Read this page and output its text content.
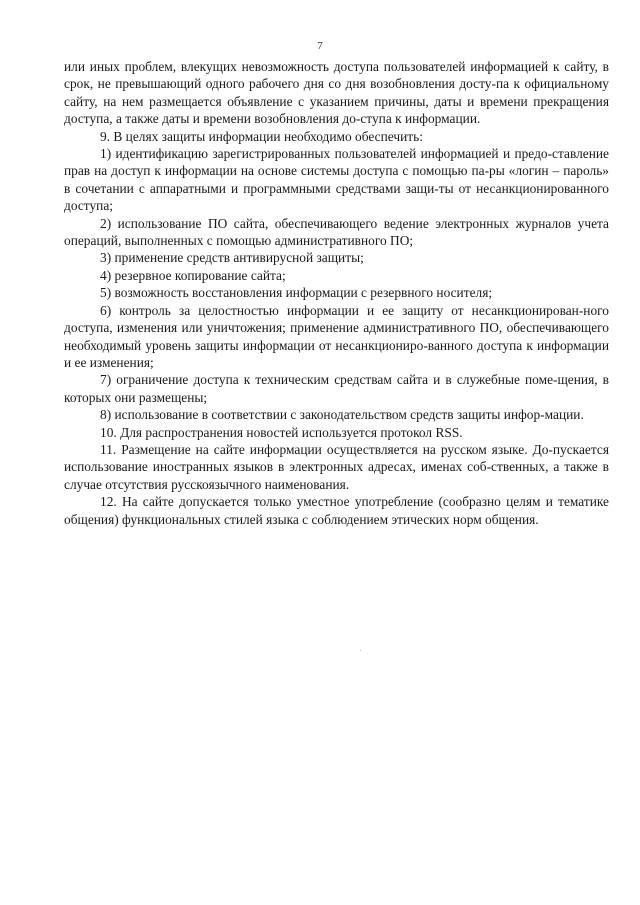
7

или иных проблем, влекущих невозможность доступа пользователей информацией к сайту, в срок, не превышающий одного рабочего дня со дня возобновления досту-па к официальному сайту, на нем размещается объявление с указанием причины, даты и времени прекращения доступа, а также даты и времени возобновления до-ступа к информации.

9. В целях защиты информации необходимо обеспечить:

1) идентификацию зарегистрированных пользователей информацией и предо-ставление прав на доступ к информации на основе системы доступа с помощью па-ры «логин – пароль» в сочетании с аппаратными и программными средствами защи-ты от несанкционированного доступа;

2) использование ПО сайта, обеспечивающего ведение электронных журналов учета операций, выполненных с помощью административного ПО;

3) применение средств антивирусной защиты;

4) резервное копирование сайта;

5) возможность восстановления информации с резервного носителя;

6) контроль за целостностью информации и ее защиту от несанкционирован-ного доступа, изменения или уничтожения; применение административного ПО, обеспечивающего необходимый уровень защиты информации от несанкциониро-ванного доступа к информации и ее изменения;

7) ограничение доступа к техническим средствам сайта и в служебные поме-щения, в которых они размещены;

8) использование в соответствии с законодательством средств защиты инфор-мации.

10. Для распространения новостей используется протокол RSS.

11. Размещение на сайте информации осуществляется на русском языке. До-пускается использование иностранных языков в электронных адресах, именах соб-ственных, а также в случае отсутствия русскоязычного наименования.

12. На сайте допускается только уместное употребление (сообразно целям и тематике общения) функциональных стилей языка с соблюдением этических норм общения.
